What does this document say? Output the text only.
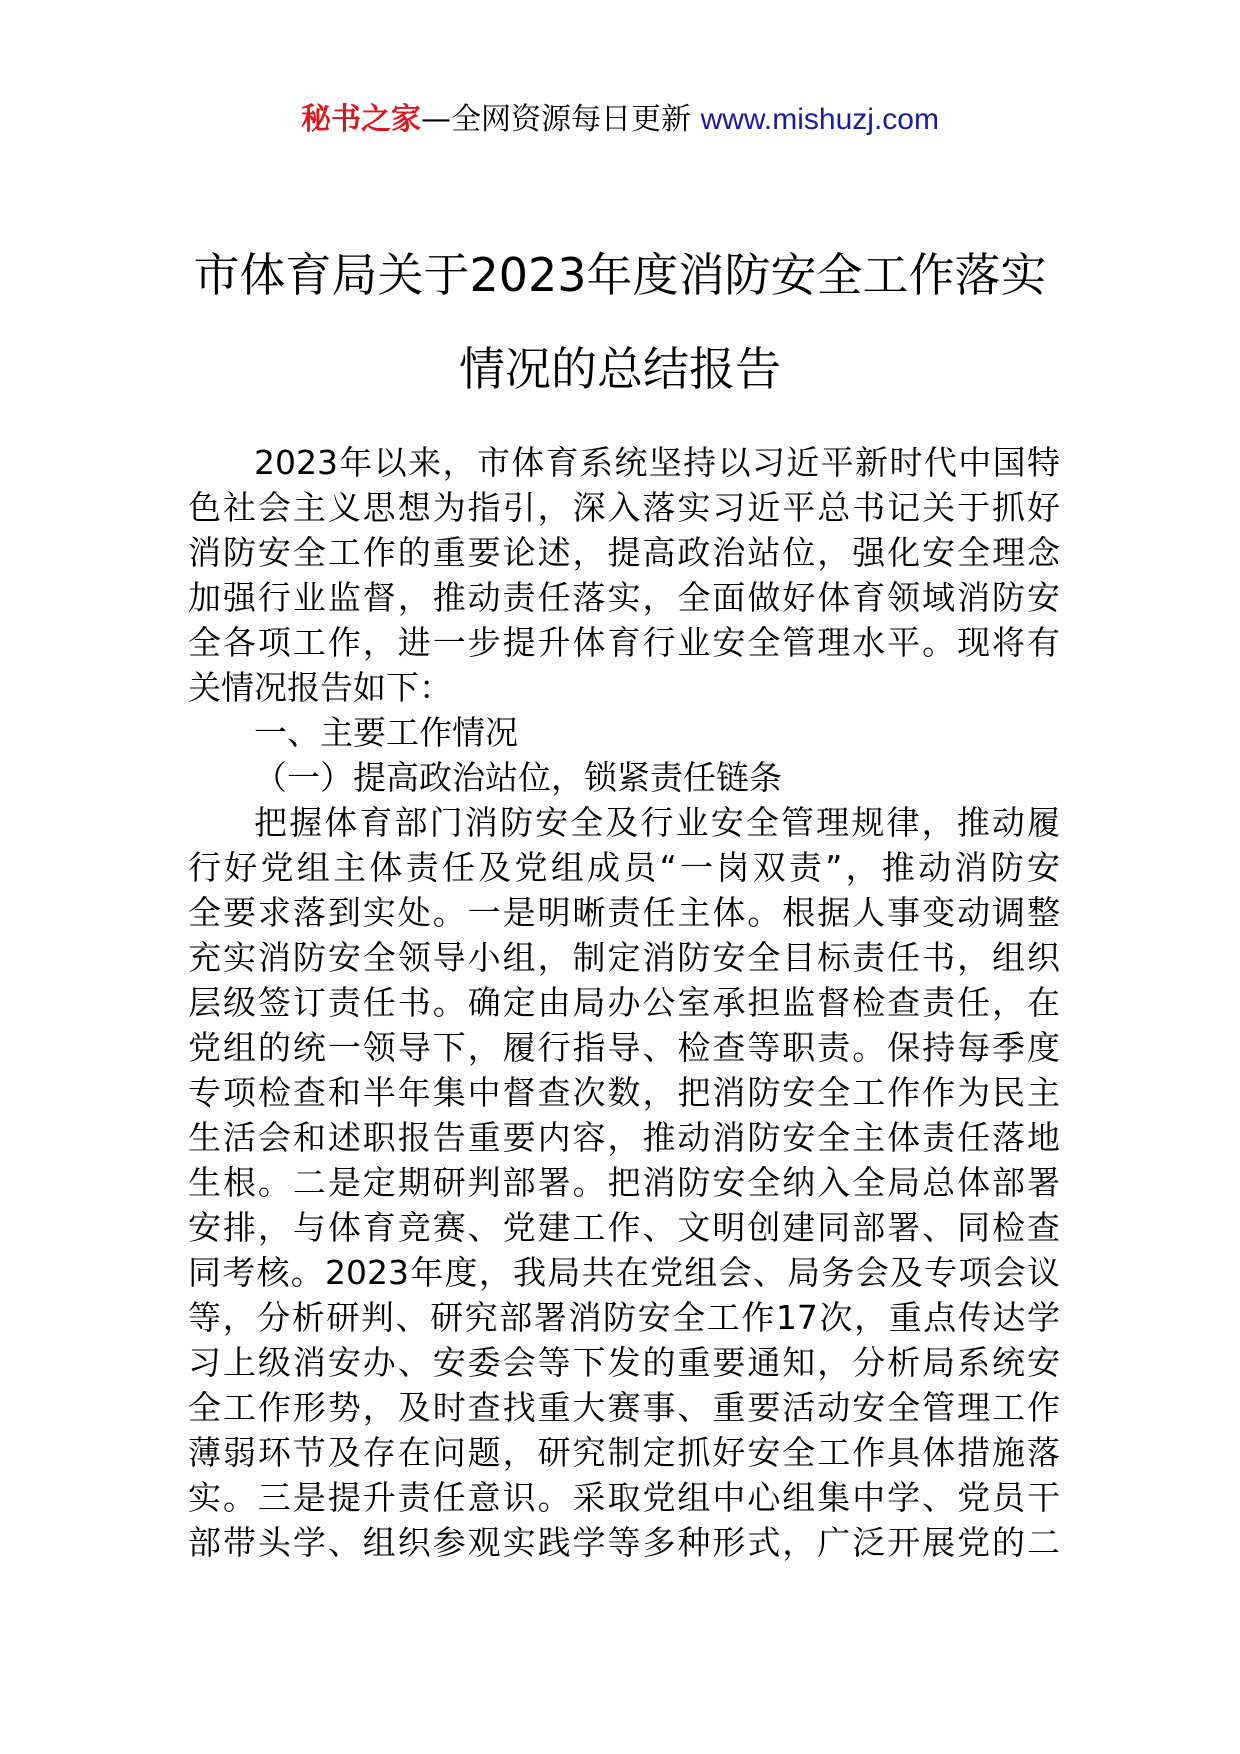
秘书之家—全网资源每日更新 www.mishuzj.com
市体育局关于2023年度消防安全工作落实
情况的总结报告
2023年以来，市体育系统坚持以习近平新时代中国特
色社会主义思想为指引，深入落实习近平总书记关于抓好
消防安全工作的重要论述，提高政治站位，强化安全理念
加强行业监督，推动责任落实，全面做好体育领域消防安
全各项工作，进一步提升体育行业安全管理水平。现将有
关情况报告如下：
一、主要工作情况
（一）提高政治站位，锁紧责任链条
把握体育部门消防安全及行业安全管理规律，推动履
行好党组主体责任及党组成员“一岗双责”，推动消防安
全要求落到实处。一是明晰责任主体。根据人事变动调整
充实消防安全领导小组，制定消防安全目标责任书，组织
层级签订责任书。确定由局办公室承担监督检查责任，在
党组的统一领导下，履行指导、检查等职责。保持每季度
专项检查和半年集中督查次数，把消防安全工作作为民主
生活会和述职报告重要内容，推动消防安全主体责任落地
生根。二是定期研判部署。把消防安全纳入全局总体部署
安排，与体育竞赛、党建工作、文明创建同部署、同检查
同考核。2023年度，我局共在党组会、局务会及专项会议
等，分析研判、研究部署消防安全工作17次，重点传达学
习上级消安办、安委会等下发的重要通知，分析局系统安
全工作形势，及时查找重大赛事、重要活动安全管理工作
薄弱环节及存在问题，研究制定抓好安全工作具体措施落
实。三是提升责任意识。采取党组中心组集中学、党员干
部带头学、组织参观实践学等多种形式，广泛开展党的二
